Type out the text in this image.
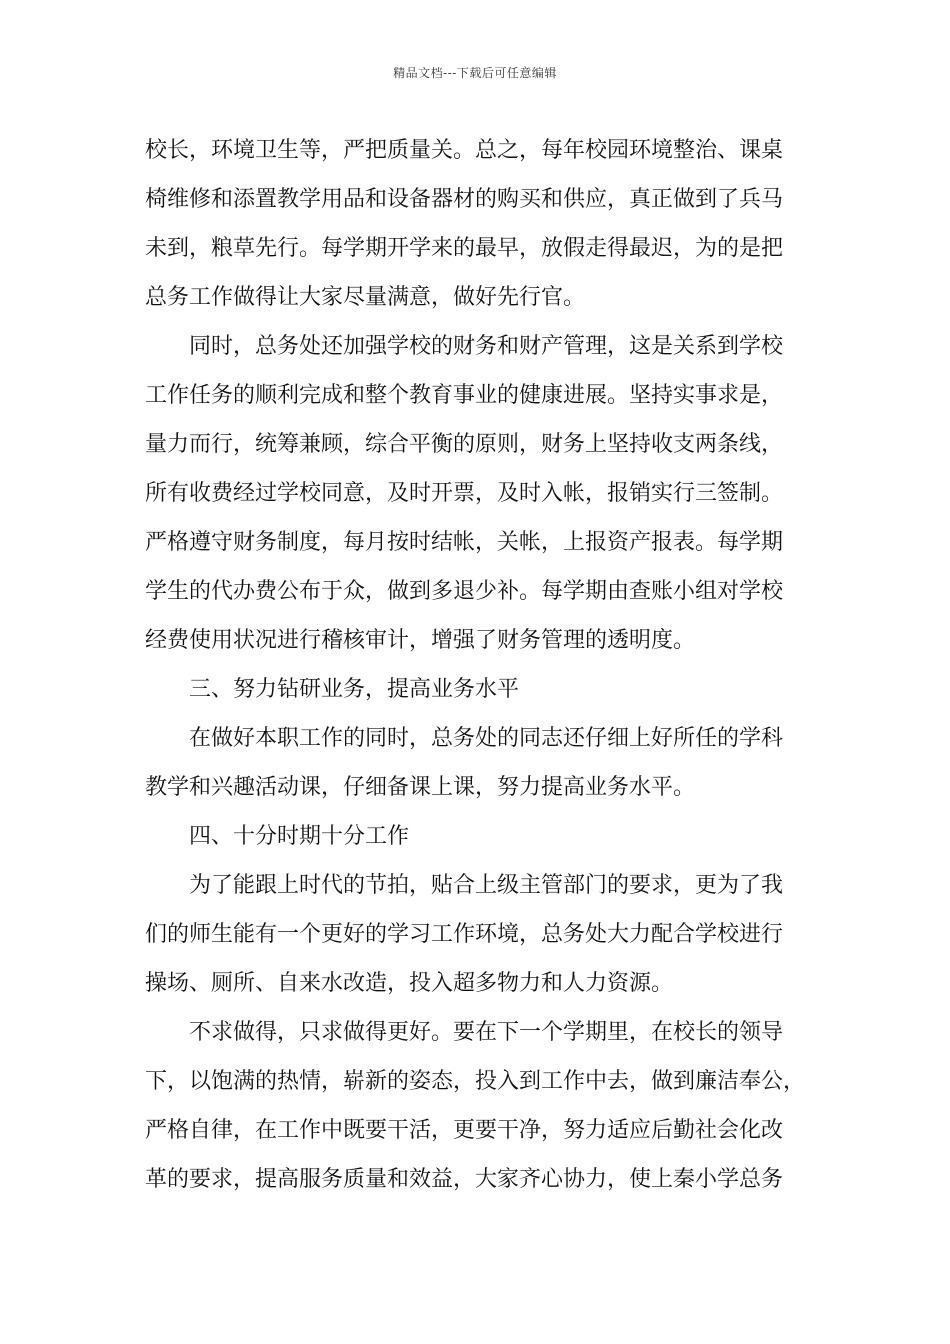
精品文档---下载后可任意编辑
校长，环境卫生等，严把质量关。总之，每年校园环境整治、课桌
椅维修和添置教学用品和设备器材的购买和供应，真正做到了兵马
未到，粮草先行。每学期开学来的最早，放假走得最迟，为的是把
总务工作做得让大家尽量满意，做好先行官。
同时，总务处还加强学校的财务和财产管理，这是关系到学校
工作任务的顺利完成和整个教育事业的健康进展。坚持实事求是，
量力而行，统筹兼顾，综合平衡的原则，财务上坚持收支两条线，
所有收费经过学校同意，及时开票，及时入帐，报销实行三签制。
严格遵守财务制度，每月按时结帐，关帐，上报资产报表。每学期
学生的代办费公布于众，做到多退少补。每学期由查账小组对学校
经费使用状况进行稽核审计，增强了财务管理的透明度。
三、努力钻研业务，提高业务水平
在做好本职工作的同时，总务处的同志还仔细上好所任的学科
教学和兴趣活动课，仔细备课上课，努力提高业务水平。
四、十分时期十分工作
为了能跟上时代的节拍，贴合上级主管部门的要求，更为了我
们的师生能有一个更好的学习工作环境，总务处大力配合学校进行
操场、厕所、自来水改造，投入超多物力和人力资源。
不求做得，只求做得更好。要在下一个学期里，在校长的领导
下，以饱满的热情，崭新的姿态，投入到工作中去，做到廉洁奉公，
严格自律，在工作中既要干活，更要干净，努力适应后勤社会化改
革的要求，提高服务质量和效益，大家齐心协力，使上秦小学总务
